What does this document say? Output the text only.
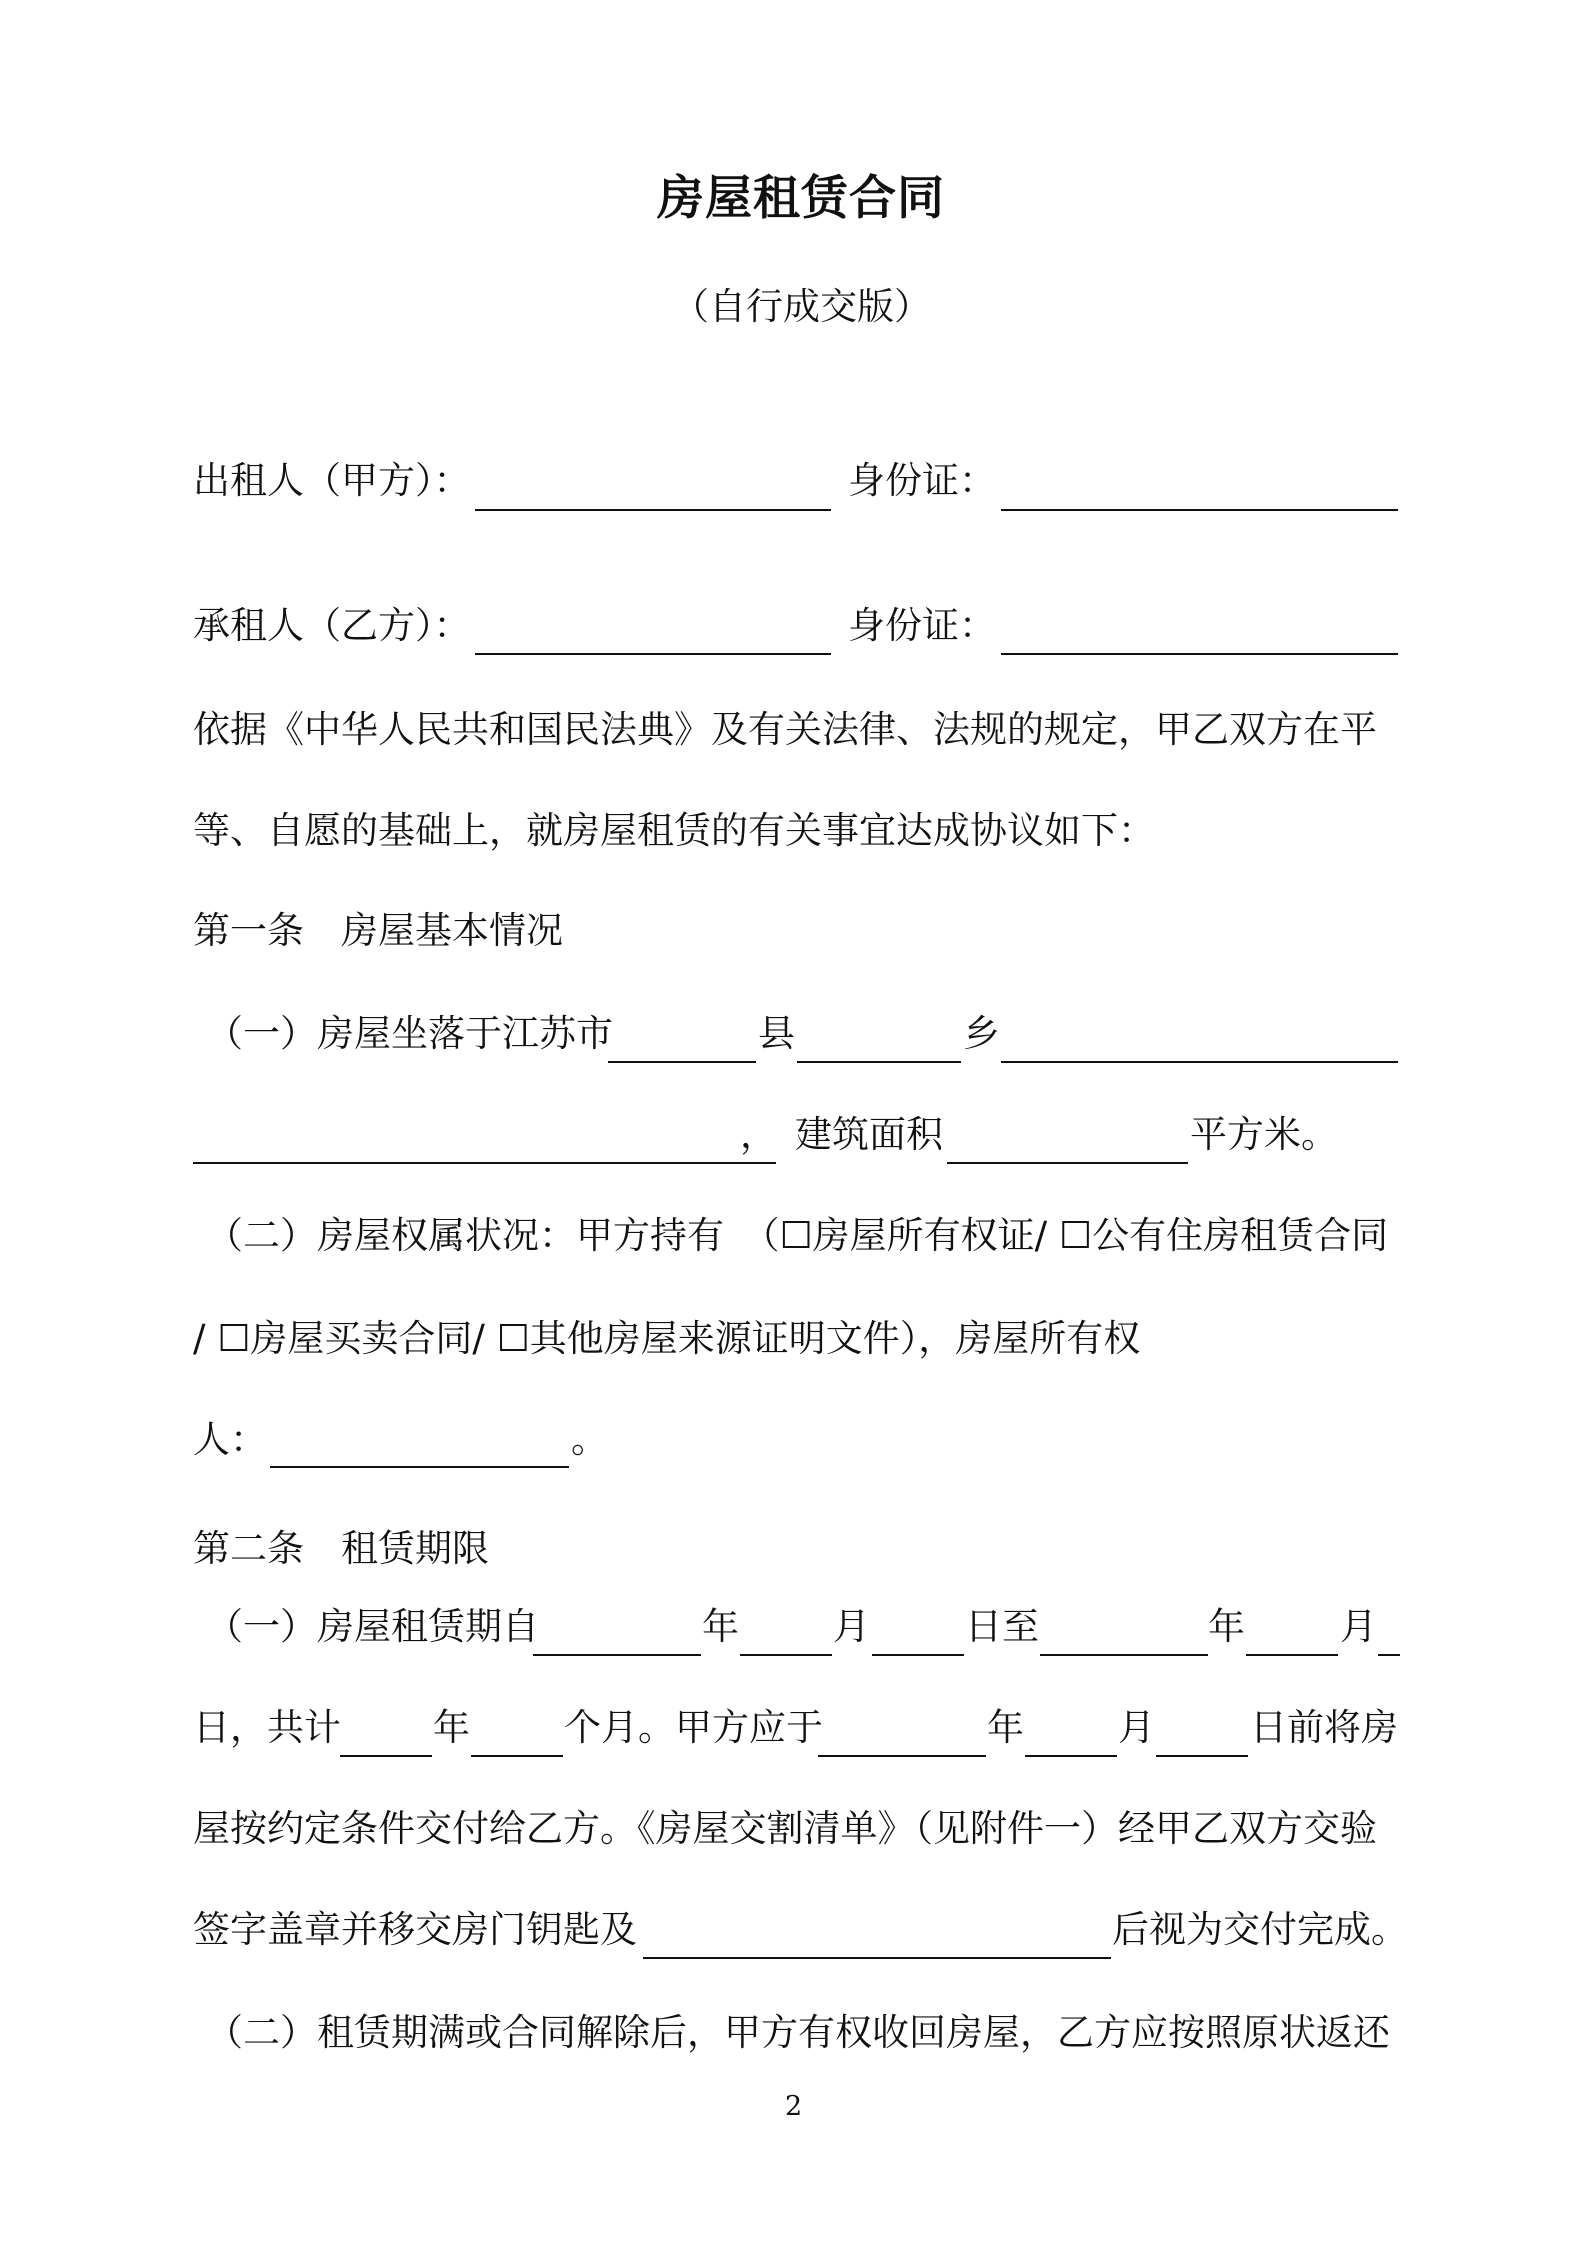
房屋租赁合同
（自行成交版）
出租人（甲方）：	身份证：
承租人（乙方）：	身份证：
依据《中华人民共和国民法典》及有关法律、法规的规定，甲乙双方在平
等、自愿的基础上，就房屋租赁的有关事宜达成协议如下：
第一条　房屋基本情况
（一）房屋坐落于江苏市	县	乡
， 建筑面积	平方米。
（二）房屋权属状况：甲方持有　（☐房屋所有权证/ ☐公有住房租赁合同
/ ☐房屋买卖合同/ ☐其他房屋来源证明文件），房屋所有权
人：	。
第二条　租赁期限
（一）房屋租赁期自	年	月	日至	年	月
日，共计 年	个月。甲方应于	年	月	日前将房
屋按约定条件交付给乙方。《房屋交割清单》（见附件一）经甲乙双方交验
签字盖章并移交房门钥匙及	后视为交付完成。
（二）租赁期满或合同解除后，甲方有权收回房屋，乙方应按照原状返还
2
